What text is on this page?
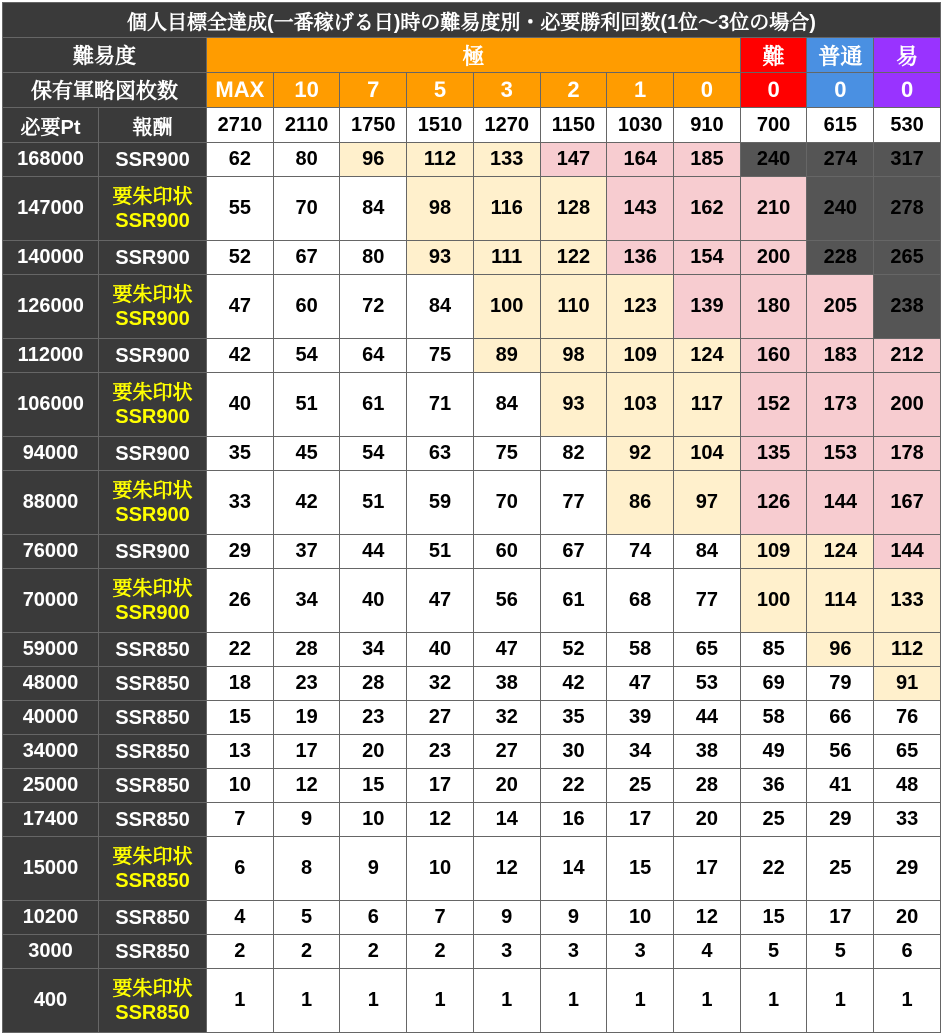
個人目標全達成(一番稼げる日)時の難易度別・必要勝利回数(1位～3位の場合)												
難易度		極								難	普通	易
保有軍略図枚数		MAX	10	7	5	3	2	1	0	0	0	0
必要Pt	報酬	2710	2110	1750	1510	1270	1150	1030	910	700	615	530
168000	SSR900	62	80	96	112	133	147	164	185	240	274	317
147000	要朱印状
SSR900	55	70	84	98	116	128	143	162	210	240	278
140000	SSR900	52	67	80	93	111	122	136	154	200	228	265
126000	要朱印状
SSR900	47	60	72	84	100	110	123	139	180	205	238
112000	SSR900	42	54	64	75	89	98	109	124	160	183	212
106000	要朱印状
SSR900	40	51	61	71	84	93	103	117	152	173	200
94000	SSR900	35	45	54	63	75	82	92	104	135	153	178
88000	要朱印状
SSR900	33	42	51	59	70	77	86	97	126	144	167
76000	SSR900	29	37	44	51	60	67	74	84	109	124	144
70000	要朱印状
SSR900	26	34	40	47	56	61	68	77	100	114	133
59000	SSR850	22	28	34	40	47	52	58	65	85	96	112
48000	SSR850	18	23	28	32	38	42	47	53	69	79	91
40000	SSR850	15	19	23	27	32	35	39	44	58	66	76
34000	SSR850	13	17	20	23	27	30	34	38	49	56	65
25000	SSR850	10	12	15	17	20	22	25	28	36	41	48
17400	SSR850	7	9	10	12	14	16	17	20	25	29	33
15000	要朱印状
SSR850	6	8	9	10	12	14	15	17	22	25	29
10200	SSR850	4	5	6	7	9	9	10	12	15	17	20
3000	SSR850	2	2	2	2	3	3	3	4	5	5	6
400	要朱印状
SSR850	1	1	1	1	1	1	1	1	1	1	1
